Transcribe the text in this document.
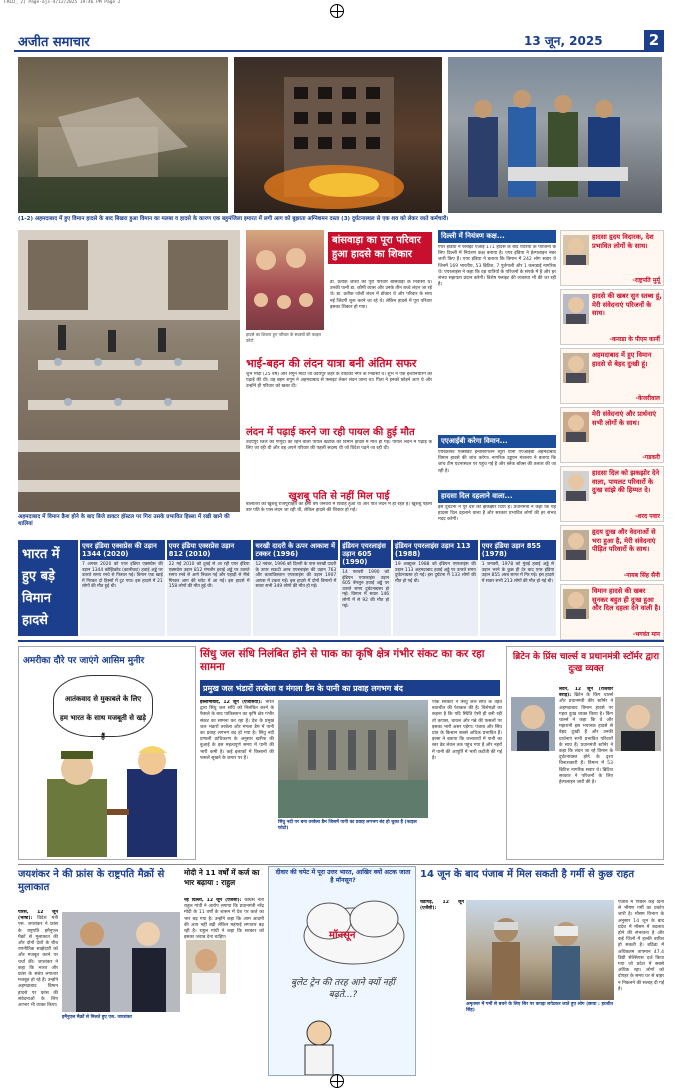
FRLO_ 2] Page-ajs-4/12/2025 19:46 PM Page 2
अजीत समाचार	13 जून, 2025	2
(1-2) अहमदाबाद में हुए विमान हादसे के बाद बिखरा हुआ विमान का मलबा व हादसे के कारण एक बहुमंजिला इमारत में लगी आग को बुझाता अग्निशमन दस्ता (3) दुर्घटनास्थल से एक शव को लेकर जाते कर्मचारी।
अहमदाबाद में विमान क्रैश होने के बाद बिजे डाक्टर हॉस्टल पर गिरा उसके प्रभावित हिस्सा में रखी खाने की थालियां
हादसे का शिकार हुए परिवार के सदस्यों की फाइल फोटो
बांसवाड़ा का पूरा परिवार हुआ हादसे का शिकार
डा. प्रतीक जोशी की पूरा परिवार बांसवाड़ा के निवासी थे। उनकी पत्नी डा. कौमी व्यास और उनके तीन बच्चे लंदन जा रहे थे। डा. प्रतीक जोशी लंदन में डॉक्टर थे और परिवार के साथ नई जिंदगी शुरू करने जा रहे थे। लेकिन हादसे में पूरा परिवार इसका शिकार हो गया।
भाई-बहन की लंदन यात्रा बनी अंतिम सफर
शुभ मोदी (25 वर्ष) और शगुन मोदी जो उदयपुर शहर के वाटिका नगर के निवासी थे। शुभ ने एक इंजीनियरिंग की पढ़ाई की थी। वह बहन शगुन ने अहमदाबाद से फ्लाइट लेकर लंदन जाना था। पिता ने इनको छोड़ने आए थे और उन्होंने ही परिवार को खबर दी।
लंदन में पढ़ाई करने जा रही पायल की हुई मौत
उदयपुर जिले की गोगुंदा की रहने वाली पायल खटीक की विमान हादसे में मौत हो गई। पायल लंदन में पढ़ाई के लिए जा रही थी और वह अपने परिवार की पहली सदस्य थी जो विदेश पढ़ने जा रही थी।
खुशबू पति से नहीं मिल पाई
बालोतरा की खुशबू राजपुरोहित का इसी वर्ष जनवरी में विवाह हुआ था और पति लंदन में ही रहते हैं। खुशबू पहली बार पति के पास लंदन जा रही थी, लेकिन हादसे की शिकार हो गई।
दिल्ली में नियंत्रण कक्ष...
एयर इंडिया ने फ्लाइट एआई 171 हादसे के बाद यात्रियों के परिजनों के लिए दिल्ली में नियंत्रण कक्ष बनाया है। एयर इंडिया ने हेल्पलाइन नंबर जारी किए हैं। एयर इंडिया ने बताया कि विमान में 242 लोग सवार थे जिनमें 169 भारतीय, 53 ब्रिटिश, 7 पुर्तगाली और 1 कनाडाई नागरिक थे। एयरलाइंस ने कहा कि वह यात्रियों के परिजनों के संपर्क में है और हर संभव सहायता प्रदान करेगी। विशेष फ्लाइट की व्यवस्था भी की जा रही है।
एएआईबी करेगा विमान...
एयरक्राफ्ट एक्सीडेंट इन्वेस्टिगेशन ब्यूरो यानी एएआईबी अहमदाबाद विमान हादसे की जांच करेगा। नागरिक उड्डयन मंत्रालय ने बताया कि जांच टीम घटनास्थल पर पहुंच गई है और ब्लैक बॉक्स की तलाश की जा रही है।
हादसा दिल दहलाने वाला...
इस दुर्घटना ने पूरे देश को झकझोर दिया है। प्रधानमंत्री ने कहा कि यह हादसा दिल दहलाने वाला है और सरकार प्रभावित लोगों की हर संभव मदद करेगी।
हादसा हृदय विदारक, देश प्रभावित लोगों के साथ।
-राष्ट्रपति मुर्मू
हादसे की खबर सुन स्तब्ध हूं, मेरी संवेदनाएं परिजनों के साथ।
-कनाडा के पीएम कार्नी
अहमदाबाद में हुए विमान हादसे से बेहद दुःखी हूं।
-केजरीवाल
मेरी संवेदनाएं और प्रार्थनाएं सभी लोगों के साथ।
-गडकरी
हादसा दिल को झकझोर देने वाला, पायलट परिवारों के दुःख सांझे की हिम्मत दे।
-शरद पवार
हृदय दुःख और वेदनाओं से भरा हुआ है, मेरी संवेदनाएं पीड़ित परिवारों के साथ।
-नायब सिंह सैनी
विमान हादसे की खबर सुनकर बहुत ही दुःख हुआ और दिल दहला देने वाली है।
-भगवंत मान
भारत में
हुए बड़े
विमान
हादसे
एयर इंडिया एक्सप्रेस की उड़ान 1344 (2020)
7 अगस्त 2020 को एयर इंडिया एक्सप्रेस की उड़ान 1344 कोझिकोड (कालीकट) हवाई अड्डे पर उतरते समय रनवे से फिसल गई। विमान एक खाई में गिरकर दो हिस्सों में टूट गया। इस हादसे में 21 लोगों की मौत हुई थी।
एयर इंडिया एक्सप्रेस उड़ान 812 (2010)
22 मई 2010 को दुबई से आ रही एयर इंडिया एक्सप्रेस उड़ान 812 मंगलौर हवाई अड्डे पर उतरते समय रनवे से आगे निकल गई और पहाड़ी से नीचे गिरकर आग की चपेट में आ गई। इस हादसे में 158 लोगों की मौत हुई थी।
चरखी दादरी के ऊपर आकाश में टक्कर (1996)
12 नवंबर, 1996 को दिल्ली के पास चरखी दादरी के ऊपर सऊदी अरब एयरलाइंस की उड़ान 763 और कजाकिस्तान एयरलाइंस की उड़ान 1907 आपस में टकरा गईं। इस हादसे में दोनों विमानों में सवार सभी 349 लोगों की मौत हो गई।
इंडियन एयरलाइंस उड़ान 605 (1990)
14 फरवरी 1990 को इंडियन एयरलाइंस उड़ान 605 बेंगलुरु हवाई अड्डे पर उतरते समय दुर्घटनाग्रस्त हो गई। विमान में सवार 146 लोगों में से 92 की मौत हो गई।
इंडियन एयरलाइंस उड़ान 113 (1988)
19 अक्टूबर 1988 को इंडियन एयरलाइंस की उड़ान 113 अहमदाबाद हवाई अड्डे पर उतरते समय दुर्घटनाग्रस्त हो गई। इस दुर्घटना में 133 लोगों की मौत हो गई थी।
एयर इंडिया उड़ान 855 (1978)
1 जनवरी, 1978 को मुंबई हवाई अड्डे से उड़ान भरने के कुछ ही देर बाद एयर इंडिया उड़ान 855 अरब सागर में गिर गई। इस हादसे में सवार सभी 213 लोगों की मौत हो गई थी।
अमरीका दौरे पर जाएंगे आसिम मुनीर
आतंकवाद से मुकाबले के लिए हम भारत के साथ मजबूती से खड़े हैं
सिंधु जल संधि निलंबित होने से पाक का कृषि क्षेत्र गंभीर संकट का कर रहा सामना
प्रमुख जल भंडारों तरबेला व मंगला डैम के पानी का प्रवाह लगभग बंद
इस्लामाबाद, 12 जून (एजेंसियां): भारत द्वारा सिंधु जल संधि को निलंबित करने के फैसले के बाद पाकिस्तान का कृषि क्षेत्र गंभीर संकट का सामना कर रहा है। देश के प्रमुख जल भंडारों तरबेला और मंगला डैम में पानी का प्रवाह लगभग बंद हो गया है। सिंधु नदी प्रणाली प्राधिकरण के अनुसार खरीफ की बुआई के इस महत्वपूर्ण समय में पानी की भारी कमी है। कई इलाकों में किसानों की फसलें सूखने के कगार पर हैं।
सिंधु नदी पर बना तरबेला डैम जिसमें पानी का प्रवाह लगभग बंद हो चुका है (फाइल फोटो)
पाक सरकार ने सिंधु जल संधि के तहत बातचीत की पेशकश की है। विशेषज्ञों का कहना है कि यदि स्थिति ऐसी ही बनी रही तो कपास, चावल और गन्ने की फसलों पर इसका भारी असर पड़ेगा। पंजाब और सिंध प्रांत के किसान सबसे अधिक प्रभावित हैं। इरसा ने बताया कि जलाशयों में पानी का स्तर डेड लेवल तक पहुंच गया है और नहरों में पानी की आपूर्ति में भारी कटौती की गई है।
ब्रिटेन के प्रिंस चार्ल्स व प्रधानमंत्री स्टॉर्मर द्वारा दुःख व्यक्त
लंदन, 12 जून (राजबीर बराड़): ब्रिटेन के किंग चार्ल्स और प्रधानमंत्री कीर स्टॉर्मर ने अहमदाबाद विमान हादसे पर गहरा दुःख व्यक्त किया है। किंग चार्ल्स ने कहा कि वे और महारानी इस भयानक हादसे से बेहद दुःखी हैं और उनकी प्रार्थनाएं सभी प्रभावित परिवारों के साथ हैं। प्रधानमंत्री स्टॉर्मर ने कहा कि लंदन जा रहे विमान के दुर्घटनाग्रस्त होने के दृश्य विनाशकारी हैं। विमान में 53 ब्रिटिश नागरिक सवार थे। ब्रिटिश सरकार ने परिजनों के लिए हेल्पलाइन जारी की है।
जयशंकर ने की फ्रांस के राष्ट्रपति मैक्रों से मुलाकात
पेरिस, 12 जून (भाषा): विदेश मंत्री एस. जयशंकर ने फ्रांस के राष्ट्रपति इमैनुएल मैक्रों से मुलाकात की और दोनों देशों के बीच रणनीतिक साझेदारी को और मजबूत करने पर चर्चा की। जयशंकर ने कहा कि भारत और फ्रांस के संबंध लगातार मजबूत हो रहे हैं। उन्होंने अहमदाबाद विमान हादसे पर फ्रांस की संवेदनाओं के लिए आभार भी व्यक्त किया।
इमैनुएल मैक्रों से मिलते हुए एस. जयशंकर
मोदी ने 11 वर्षों में कर्ज का भार बढ़ाया : राहुल
नई दिल्ली, 12 जून (एजेंसी): कांग्रेस नेता राहुल गांधी ने आरोप लगाया कि प्रधानमंत्री नरेंद्र मोदी के 11 वर्षों के शासन में देश पर कर्ज का भार बढ़ गया है। उन्होंने कहा कि आम आदमी की आय नहीं बढ़ी लेकिन महंगाई लगातार बढ़ रही है। राहुल गांधी ने कहा कि सरकार को इसका जवाब देना चाहिए।
दीवार की चपेट में पूरा उत्तर भारत, आखिर क्यों अटक जाता है मॉनसून?
मॉनसून
बुलेट ट्रेन की तरह आने क्यों नहीं बढ़ते...?
14 जून के बाद पंजाब में मिल सकती है गर्मी से कुछ राहत
चंडीगढ़, 12 जून (एजेंसी):
अमृतसर में गर्मी से बचने के लिए सिर पर कपड़ा लपेटकर जाते हुए लोग (छाया : हरजीत सिंह)
पंजाब में पिछले कई दिनों से भीषण गर्मी का प्रकोप जारी है। मौसम विभाग के अनुसार 14 जून के बाद प्रदेश में मौसम में बदलाव होने की संभावना है और कई जिलों में हल्की बारिश हो सकती है। बठिंडा में अधिकतम तापमान 47.4 डिग्री सेल्सियस दर्ज किया गया जो प्रदेश में सबसे अधिक रहा। लोगों को दोपहर के समय घर से बाहर न निकलने की सलाह दी गई है।
